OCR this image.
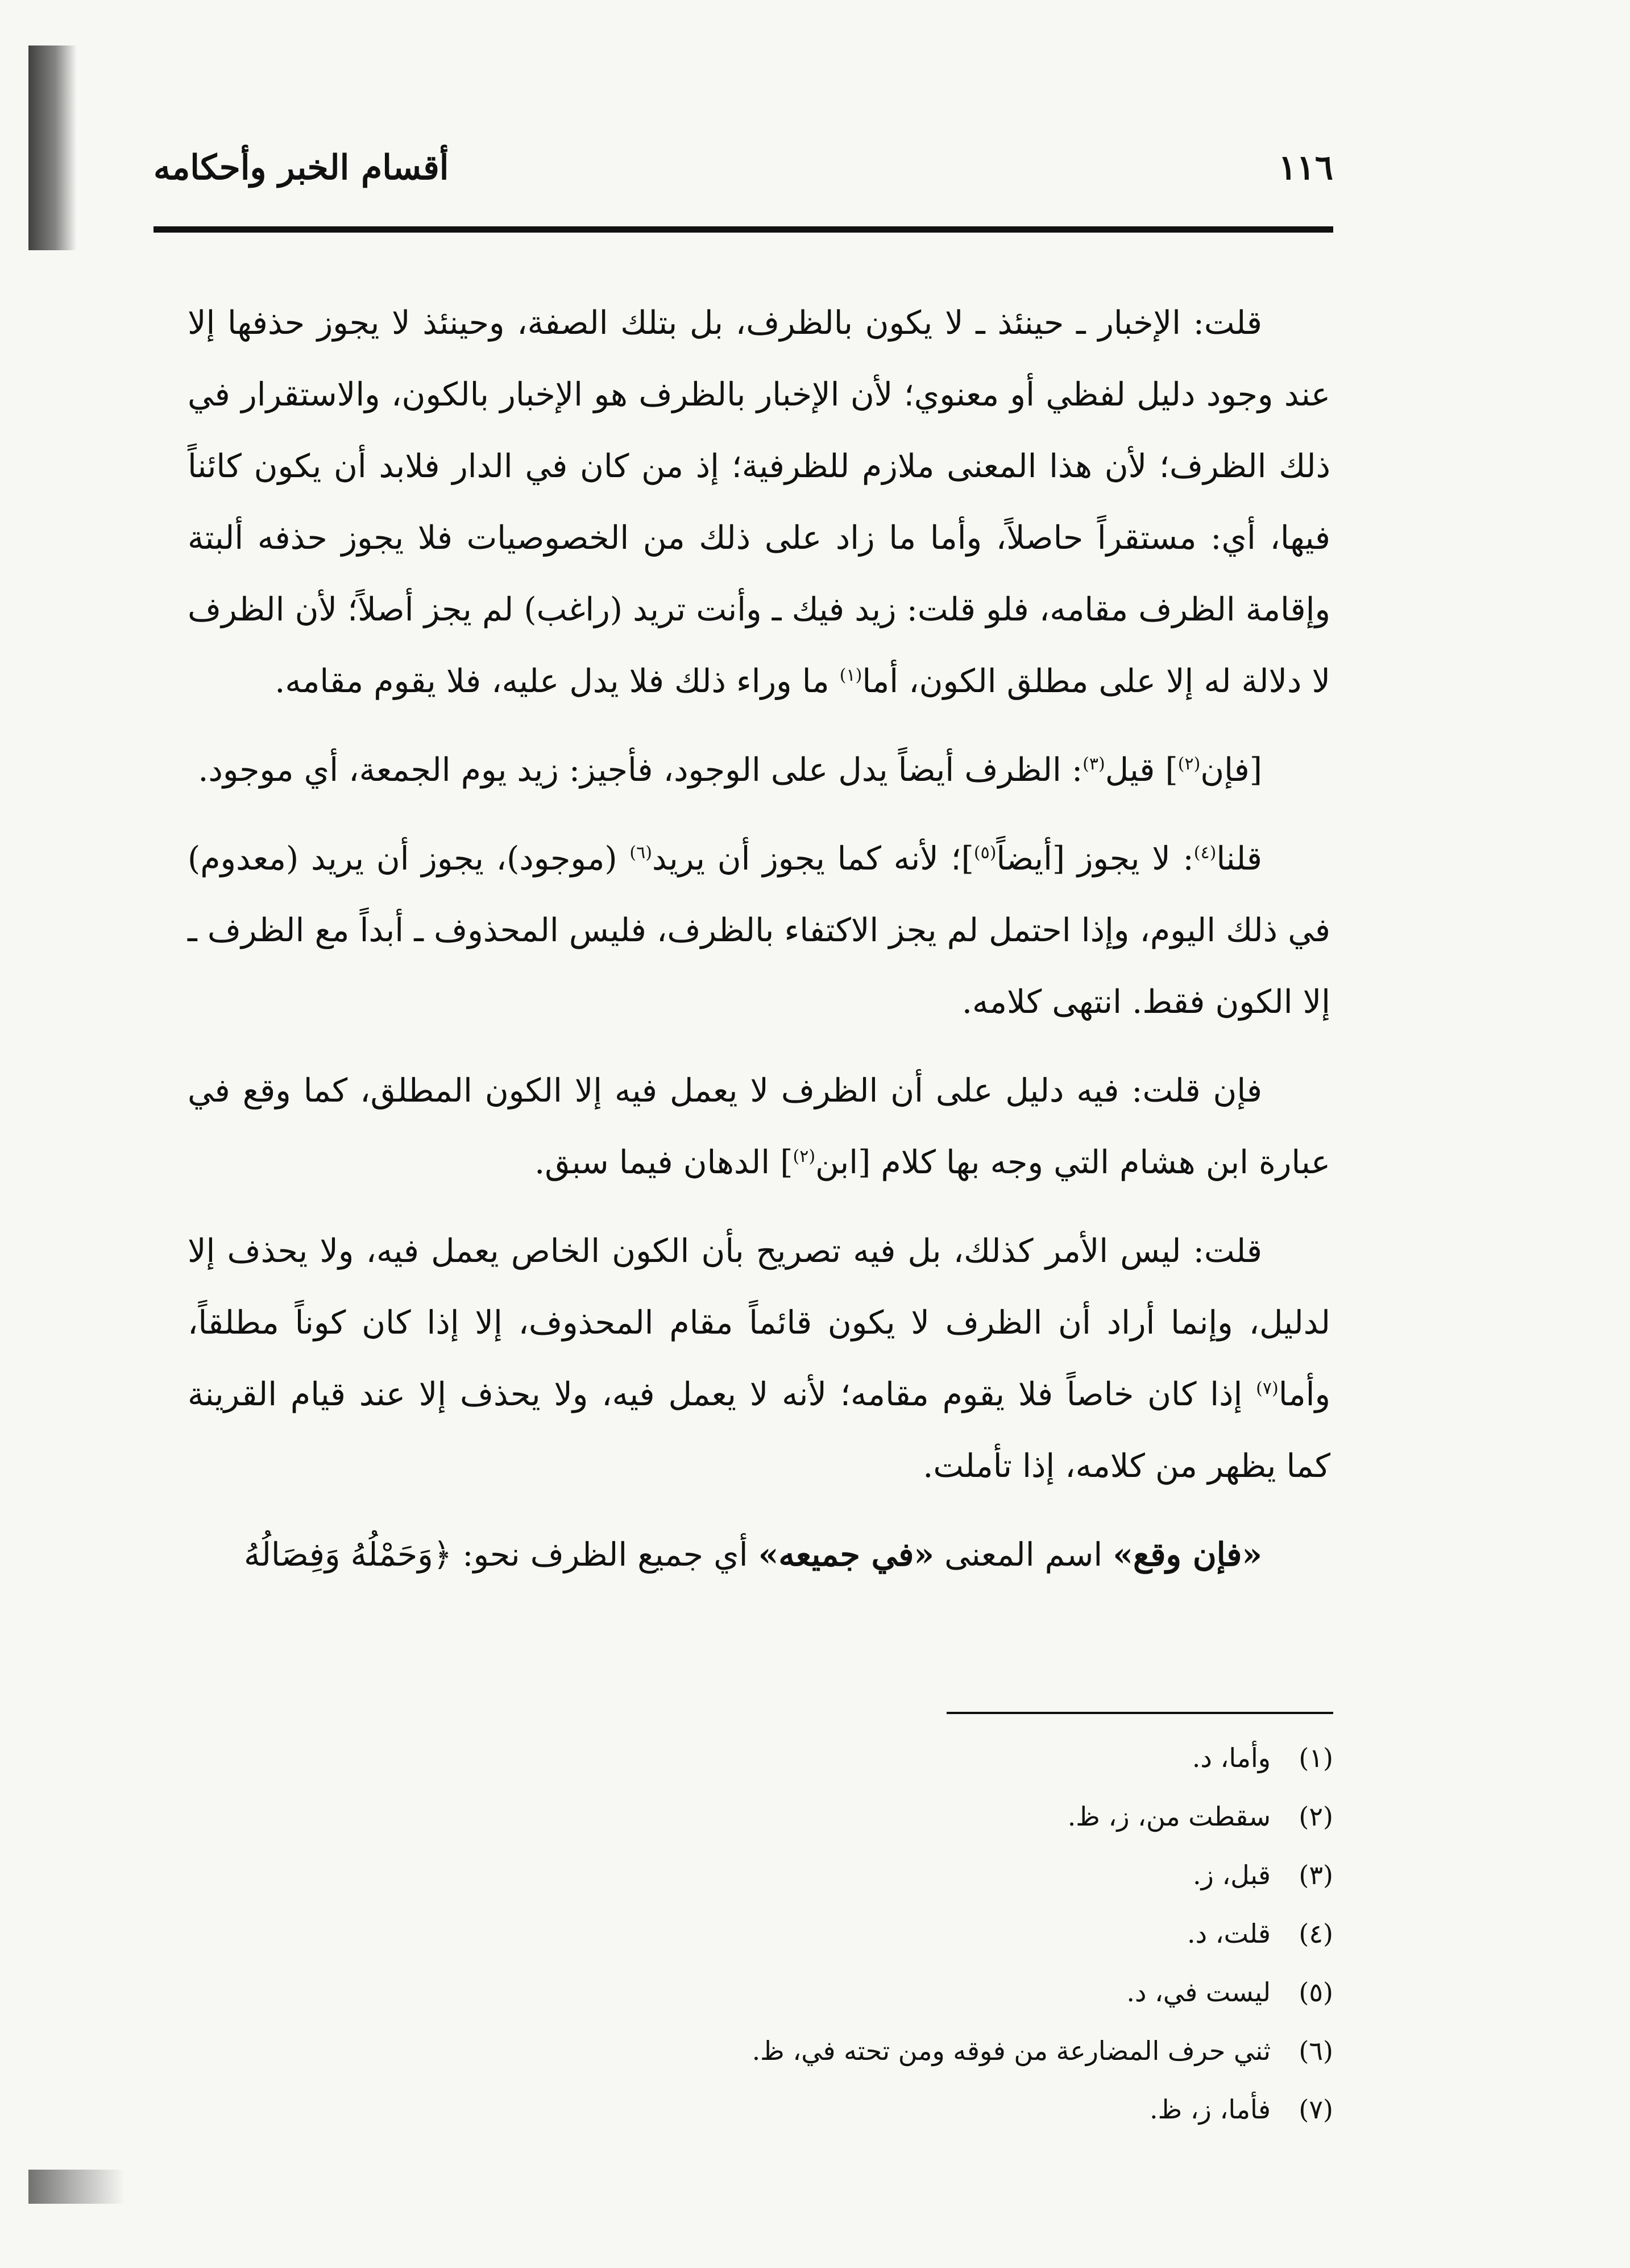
١١٦
أقسام الخبر وأحكامه

قلت: الإخبار ـ حينئذ ـ لا يكون بالظرف، بل بتلك الصفة، وحينئذ لا يجوز حذفها إلا عند وجود دليل لفظي أو معنوي؛ لأن الإخبار بالظرف هو الإخبار بالكون، والاستقرار في ذلك الظرف؛ لأن هذا المعنى ملازم للظرفية؛ إذ من كان في الدار فلابد أن يكون كائناً فيها، أي: مستقراً حاصلاً، وأما ما زاد على ذلك من الخصوصيات فلا يجوز حذفه ألبتة وإقامة الظرف مقامه، فلو قلت: زيد فيك ـ وأنت تريد (راغب) لم يجز أصلاً؛ لأن الظرف لا دلالة له إلا على مطلق الكون، أما$^{(١)}$ ما وراء ذلك فلا يدل عليه، فلا يقوم مقامه.

[فإن$^{(٢)}$] قيل$^{(٣)}$: الظرف أيضاً يدل على الوجود، فأجيز: زيد يوم الجمعة، أي موجود.

قلنا$^{(٤)}$: لا يجوز [أيضاً$^{(٥)}$]؛ لأنه كما يجوز أن يريد$^{(٦)}$ (موجود)، يجوز أن يريد (معدوم) في ذلك اليوم، وإذا احتمل لم يجز الاكتفاء بالظرف، فليس المحذوف ـ أبداً مع الظرف ـ إلا الكون فقط. انتهى كلامه.

فإن قلت: فيه دليل على أن الظرف لا يعمل فيه إلا الكون المطلق، كما وقع في عبارة ابن هشام التي وجه بها كلام [ابن$^{(٢)}$] الدهان فيما سبق.

قلت: ليس الأمر كذلك، بل فيه تصريح بأن الكون الخاص يعمل فيه، ولا يحذف إلا لدليل، وإنما أراد أن الظرف لا يكون قائماً مقام المحذوف، إلا إذا كان كوناً مطلقاً، وأما$^{(٧)}$ إذا كان خاصاً فلا يقوم مقامه؛ لأنه لا يعمل فيه، ولا يحذف إلا عند قيام القرينة كما يظهر من كلامه، إذا تأملت.

«فإن وقع» اسم المعنى «في جميعه» أي جميع الظرف نحو: ﴿وَحَمْلُهُ وَفِصَالُهُ

(١)
وأما، د.
(٢)
سقطت من، ز، ظ.
(٣)
قبل، ز.
(٤)
قلت، د.
(٥)
ليست في، د.
(٦)
ثني حرف المضارعة من فوقه ومن تحته في، ظ.
(٧)
فأما، ز، ظ.
